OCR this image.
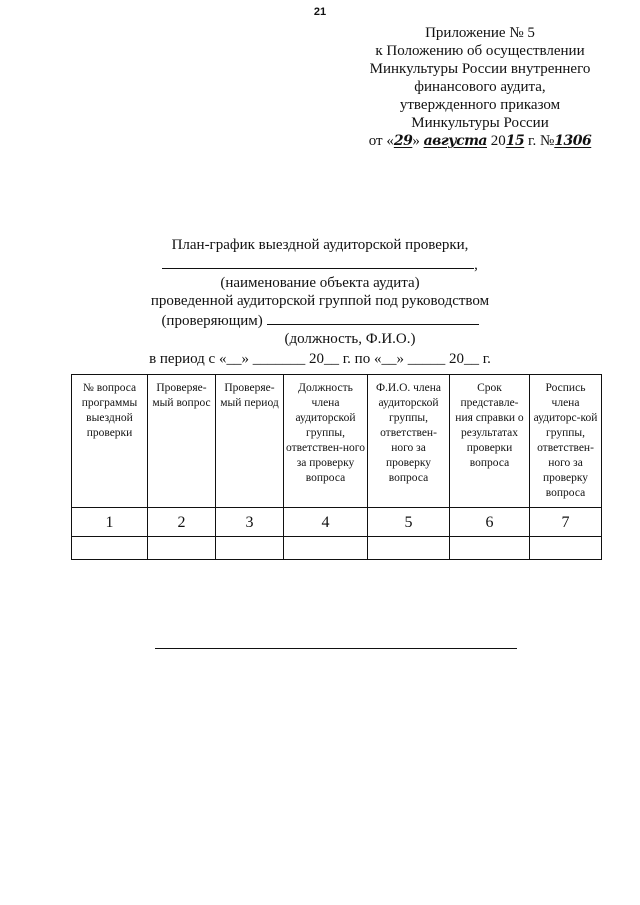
21
Приложение № 5
к Положению об осуществлении
Минкультуры России внутреннего
финансового аудита,
утвержденного приказом
Минкультуры России
от «29» августа 2015 г. №1306
План-график выездной аудиторской проверки,
,
(наименование объекта аудита)
проведенной аудиторской группой под руководством
(проверяющим)
(должность, Ф.И.О.)
в период с «__» _______ 20__ г. по «__» _____ 20__ г.
№ вопроса программы выездной проверки	Проверяе-мый вопрос	Проверяе-мый период	Должность члена аудиторской группы, ответствен-ного за проверку вопроса	Ф.И.О. члена аудиторской группы, ответствен-ного за проверку вопроса	Срок представле-ния справки о результатах проверки вопроса	Роспись члена аудиторс-кой группы, ответствен-ного за проверку вопроса
1	2	3	4	5	6	7
